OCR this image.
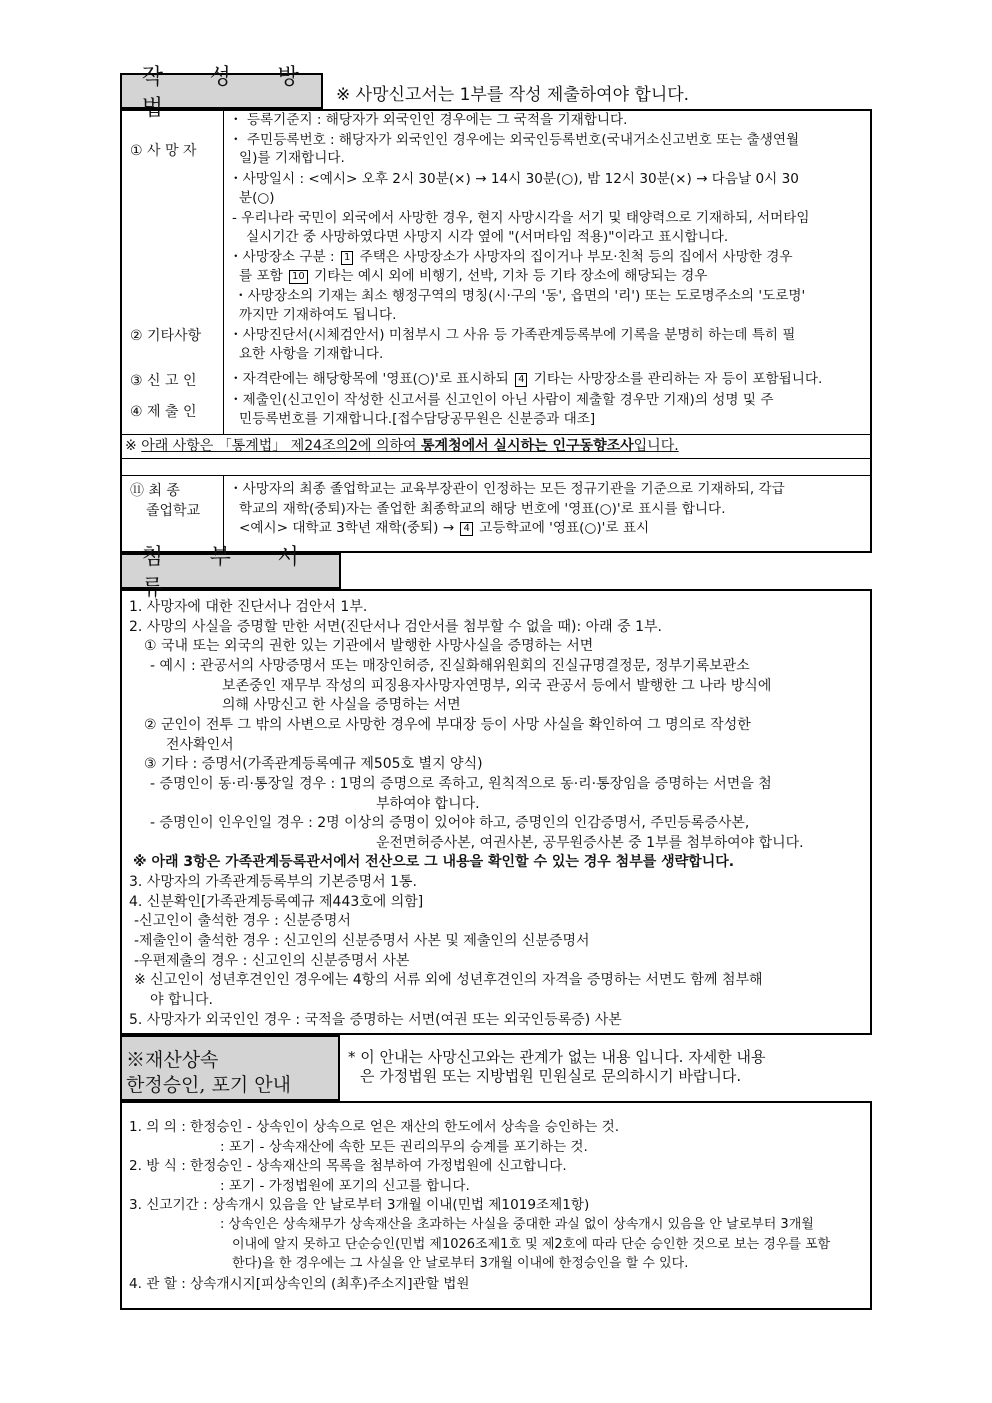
작 성 방 법
※ 사망신고서는 1부를 작성 제출하여야 합니다.
① 사 망 자
② 기타사항
③ 신 고 인
④ 제 출 인
・ 등록기준지 : 해당자가 외국인인 경우에는 그 국적을 기재합니다.
・ 주민등록번호 : 해당자가 외국인인 경우에는 외국인등록번호(국내거소신고번호 또는 출생연월
일)를 기재합니다.
・사망일시 : <예시> 오후 2시 30분(×) → 14시 30분(○), 밤 12시 30분(×) → 다음날 0시 30
분(○)
- 우리나라 국민이 외국에서 사망한 경우, 현지 사망시각을 서기 및 태양력으로 기재하되, 서머타임
실시기간 중 사망하였다면 사망지 시각 옆에 "(서머타임 적용)"이라고 표시합니다.
・사망장소 구분 : 1 주택은 사망장소가 사망자의 집이거나 부모·친척 등의 집에서 사망한 경우
를 포함 10 기타는 예시 외에 비행기, 선박, 기차 등 기타 장소에 해당되는 경우
・사망장소의 기재는 최소 행정구역의 명칭(시·구의 '동', 읍면의 '리') 또는 도로명주소의 '도로명'
까지만 기재하여도 됩니다.
・사망진단서(시체검안서) 미첨부시 그 사유 등 가족관계등록부에 기록을 분명히 하는데 특히 필
요한 사항을 기재합니다.
・자격란에는 해당항목에 '영표(○)'로 표시하되 4 기타는 사망장소를 관리하는 자 등이 포함됩니다.
・제출인(신고인이 작성한 신고서를 신고인이 아닌 사람이 제출할 경우만 기재)의 성명 및 주
민등록번호를 기재합니다.[접수담당공무원은 신분증과 대조]
※ 아래 사항은 「통계법」 제24조의2에 의하여 통계청에서 실시하는 인구동향조사입니다.
⑪ 최 종
졸업학교
・사망자의 최종 졸업학교는 교육부장관이 인정하는 모든 정규기관을 기준으로 기재하되, 각급
학교의 재학(중퇴)자는 졸업한 최종학교의 해당 번호에 '영표(○)'로 표시를 합니다.
<예시> 대학교 3학년 재학(중퇴) → 4 고등학교에 '영표(○)'로 표시
첨 부 서 류
1. 사망자에 대한 진단서나 검안서 1부.
2. 사망의 사실을 증명할 만한 서면(진단서나 검안서를 첨부할 수 없을 때): 아래 중 1부.
① 국내 또는 외국의 권한 있는 기관에서 발행한 사망사실을 증명하는 서면
- 예시 : 관공서의 사망증명서 또는 매장인허증, 진실화해위원회의 진실규명결정문, 정부기록보관소
보존중인 재무부 작성의 피징용자사망자연명부, 외국 관공서 등에서 발행한 그 나라 방식에
의해 사망신고 한 사실을 증명하는 서면
② 군인이 전투 그 밖의 사변으로 사망한 경우에 부대장 등이 사망 사실을 확인하여 그 명의로 작성한
전사확인서
③ 기타 : 증명서(가족관계등록예규 제505호 별지 양식)
- 증명인이 동·리·통장일 경우 : 1명의 증명으로 족하고, 원칙적으로 동·리·통장임을 증명하는 서면을 첨
부하여야 합니다.
- 증명인이 인우인일 경우 : 2명 이상의 증명이 있어야 하고, 증명인의 인감증명서, 주민등록증사본,
운전면허증사본, 여권사본, 공무원증사본 중 1부를 첨부하여야 합니다.
※ 아래 3항은 가족관계등록관서에서 전산으로 그 내용을 확인할 수 있는 경우 첨부를 생략합니다.
3. 사망자의 가족관계등록부의 기본증명서 1통.
4. 신분확인[가족관계등록예규 제443호에 의함]
-신고인이 출석한 경우 : 신분증명서
-제출인이 출석한 경우 : 신고인의 신분증명서 사본 및 제출인의 신분증명서
-우편제출의 경우 : 신고인의 신분증명서 사본
※ 신고인이 성년후견인인 경우에는 4항의 서류 외에 성년후견인의 자격을 증명하는 서면도 함께 첨부해
야 합니다.
5. 사망자가 외국인인 경우 : 국적을 증명하는 서면(여권 또는 외국인등록증) 사본
※재산상속
한정승인, 포기 안내
* 이 안내는 사망신고와는 관계가 없는 내용 입니다. 자세한 내용
은 가정법원 또는 지방법원 민원실로 문의하시기 바랍니다.
1. 의 의 : 한정승인 - 상속인이 상속으로 얻은 재산의 한도에서 상속을 승인하는 것.
: 포기 - 상속재산에 속한 모든 권리의무의 승계를 포기하는 것.
2. 방 식 : 한정승인 - 상속재산의 목록을 첨부하여 가정법원에 신고합니다.
: 포기 - 가정법원에 포기의 신고를 합니다.
3. 신고기간 : 상속개시 있음을 안 날로부터 3개월 이내(민법 제1019조제1항)
: 상속인은 상속채무가 상속재산을 초과하는 사실을 중대한 과실 없이 상속개시 있음을 안 날로부터 3개월
이내에 알지 못하고 단순승인(민법 제1026조제1호 및 제2호에 따라 단순 승인한 것으로 보는 경우를 포함
한다)을 한 경우에는 그 사실을 안 날로부터 3개월 이내에 한정승인을 할 수 있다.
4. 관 할 : 상속개시지[피상속인의 (최후)주소지]관할 법원
